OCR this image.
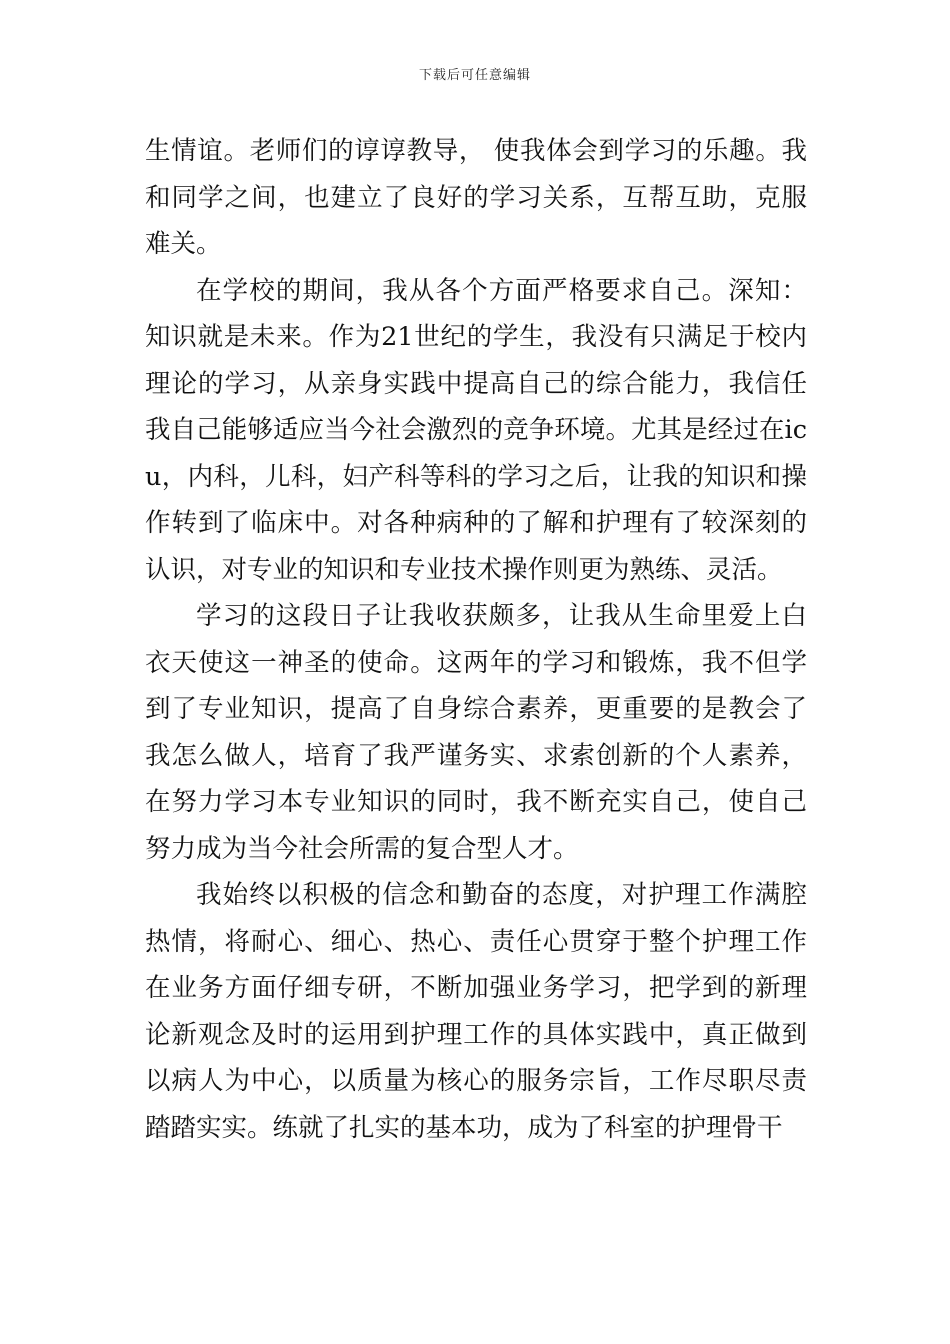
下载后可任意编辑

生情谊。老师们的谆谆教导， 使我体会到学习的乐趣。我和同学之间，也建立了良好的学习关系，互帮互助，克服难关。

在学校的期间，我从各个方面严格要求自己。深知：知识就是未来。作为21世纪的学生，我没有只满足于校内理论的学习，从亲身实践中提高自己的综合能力，我信任我自己能够适应当今社会激烈的竞争环境。尤其是经过在icu，内科，儿科，妇产科等科的学习之后，让我的知识和操作转到了临床中。对各种病种的了解和护理有了较深刻的认识，对专业的知识和专业技术操作则更为熟练、灵活。

学习的这段日子让我收获颇多，让我从生命里爱上白衣天使这一神圣的使命。这两年的学习和锻炼，我不但学到了专业知识，提高了自身综合素养，更重要的是教会了我怎么做人，培育了我严谨务实、求索创新的个人素养，在努力学习本专业知识的同时，我不断充实自己，使自己努力成为当今社会所需的复合型人才。

我始终以积极的信念和勤奋的态度，对护理工作满腔热情，将耐心、细心、热心、责任心贯穿于整个护理工作在业务方面仔细专研，不断加强业务学习，把学到的新理论新观念及时的运用到护理工作的具体实践中，真正做到以病人为中心，以质量为核心的服务宗旨，工作尽职尽责踏踏实实。练就了扎实的基本功，成为了科室的护理骨干
